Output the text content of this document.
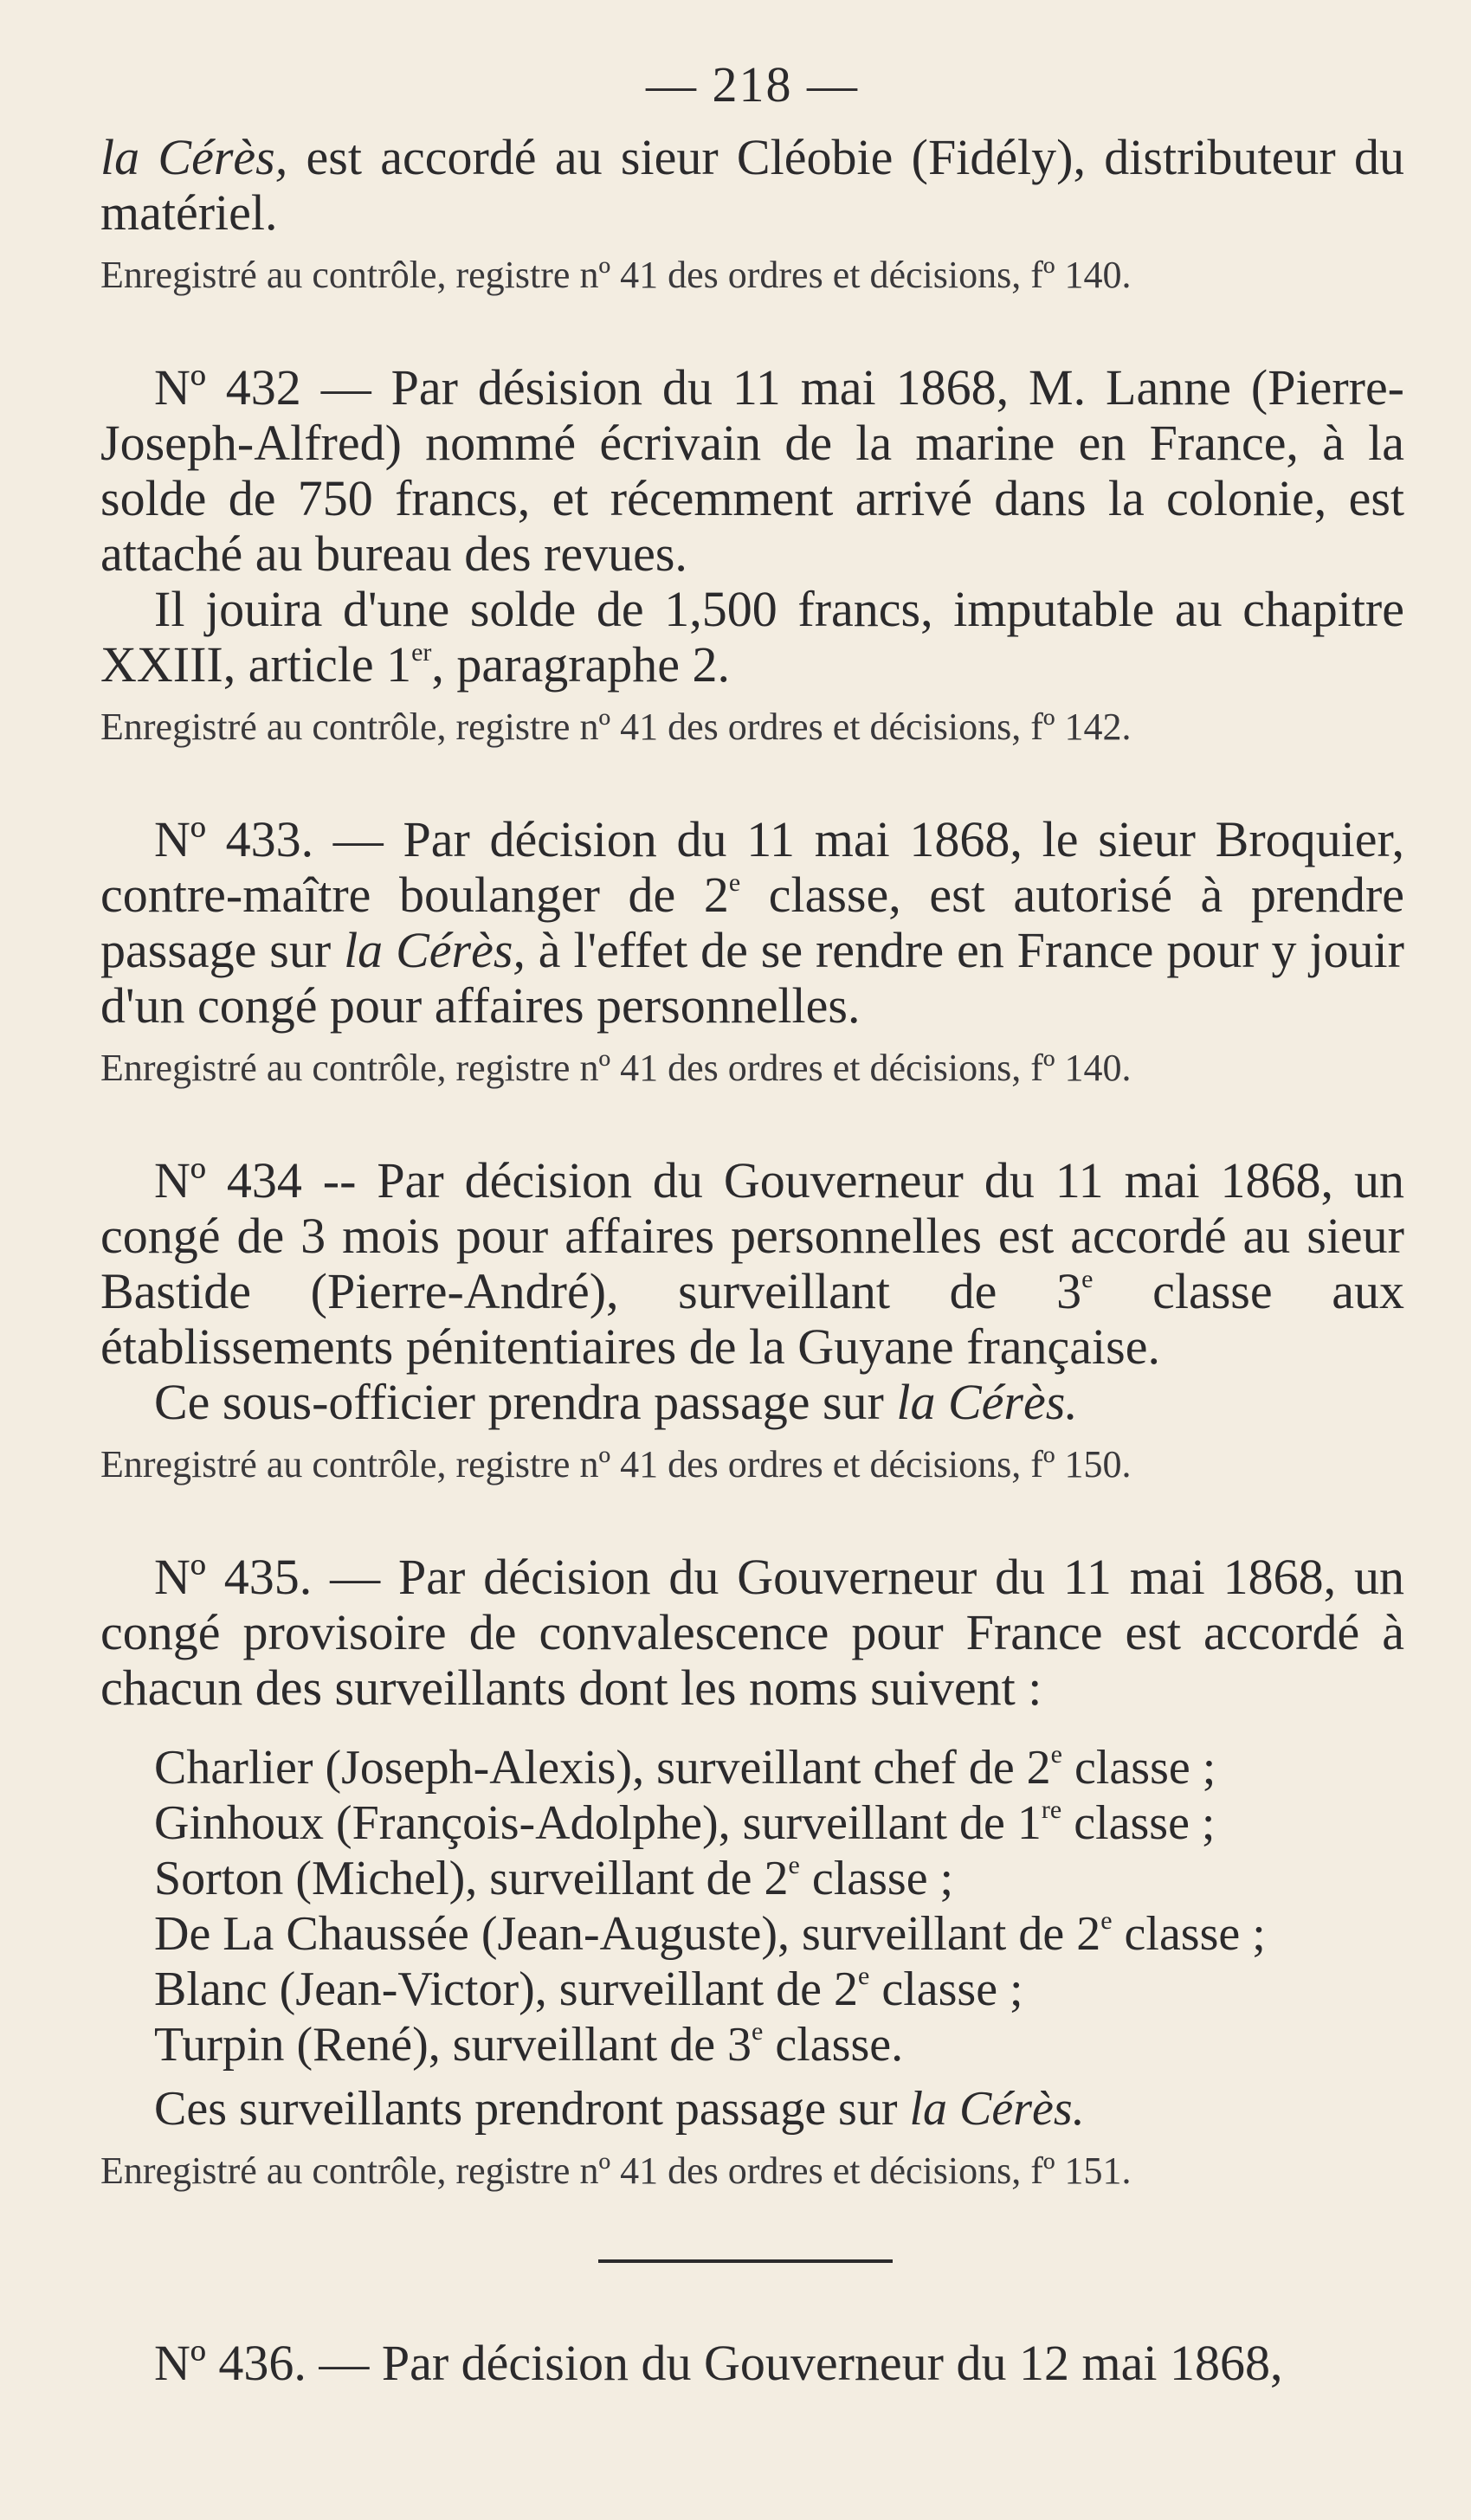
— 218 —

la Cérès, est accordé au sieur Cléobie (Fidély), distributeur du matériel.

Enregistré au contrôle, registre nº 41 des ordres et décisions, fº 140.

Nº 432 — Par désision du 11 mai 1868, M. Lanne (Pierre-Joseph-Alfred) nommé écrivain de la marine en France, à la solde de 750 francs, et récemment arrivé dans la colonie, est attaché au bureau des revues.

Il jouira d'une solde de 1,500 francs, imputable au chapitre XXIII, article 1er, paragraphe 2.

Enregistré au contrôle, registre nº 41 des ordres et décisions, fº 142.

Nº 433. — Par décision du 11 mai 1868, le sieur Broquier, contre-maître boulanger de 2e classe, est autorisé à prendre passage sur la Cérès, à l'effet de se rendre en France pour y jouir d'un congé pour affaires personnelles.

Enregistré au contrôle, registre nº 41 des ordres et décisions, fº 140.

Nº 434 -- Par décision du Gouverneur du 11 mai 1868, un congé de 3 mois pour affaires personnelles est accordé au sieur Bastide (Pierre-André), surveillant de 3e classe aux établissements pénitentiaires de la Guyane française.

Ce sous-officier prendra passage sur la Cérès.

Enregistré au contrôle, registre nº 41 des ordres et décisions, fº 150.

Nº 435. — Par décision du Gouverneur du 11 mai 1868, un congé provisoire de convalescence pour France est accordé à chacun des surveillants dont les noms suivent :

Charlier (Joseph-Alexis), surveillant chef de 2e classe ;
Ginhoux (François-Adolphe), surveillant de 1re classe ;
Sorton (Michel), surveillant de 2e classe ;
De La Chaussée (Jean-Auguste), surveillant de 2e classe ;
Blanc (Jean-Victor), surveillant de 2e classe ;
Turpin (René), surveillant de 3e classe.

Ces surveillants prendront passage sur la Cérès.

Enregistré au contrôle, registre nº 41 des ordres et décisions, fº 151.

Nº 436. — Par décision du Gouverneur du 12 mai 1868,
